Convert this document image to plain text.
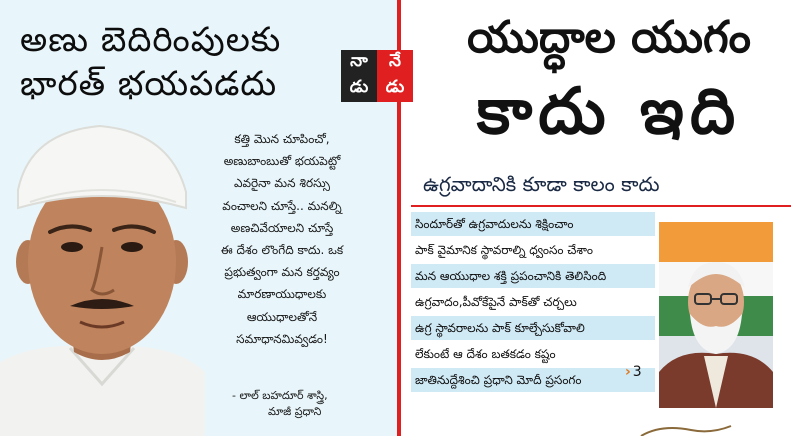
అణు బెదిరింపులకు
భారత్ భయపడదు
కత్తి మొన చూపించో,
అణుబాంబుతో భయపెట్టో
ఎవరైనా మన శిరస్సు
వంచాలని చూస్తే.. మనల్ని
అణచివేయాలని చూస్తే
ఈ దేశం లొంగేది కాదు. ఒక
ప్రభుత్వంగా మన కర్తవ్యం
మారణాయుధాలకు
ఆయుధాలతోనే
సమాధానమివ్వడం!
- లాల్ బహదూర్ శాస్త్రి,
మాజీ ప్రధాని
యుద్ధాల యుగం
కాదు ఇది
ఉగ్రవాదానికి కూడా కాలం కాదు
సిందూర్‌తో ఉగ్రవాదులను శిక్షించాం
పాక్ వైమానిక స్థావరాల్ని ధ్వంసం చేశాం
మన ఆయుధాల శక్తి ప్రపంచానికి తెలిసింది
ఉగ్రవాదం,పీవోకేపైనే పాక్‌తో చర్చలు
ఉగ్ర స్థావరాలను పాక్ కూల్చేసుకోవాలి
లేకుంటే ఆ దేశం బతకడం కష్టం
జాతినుద్దేశించి ప్రధాని మోదీ ప్రసంగం	› 3
నా	నే
డు	డు
